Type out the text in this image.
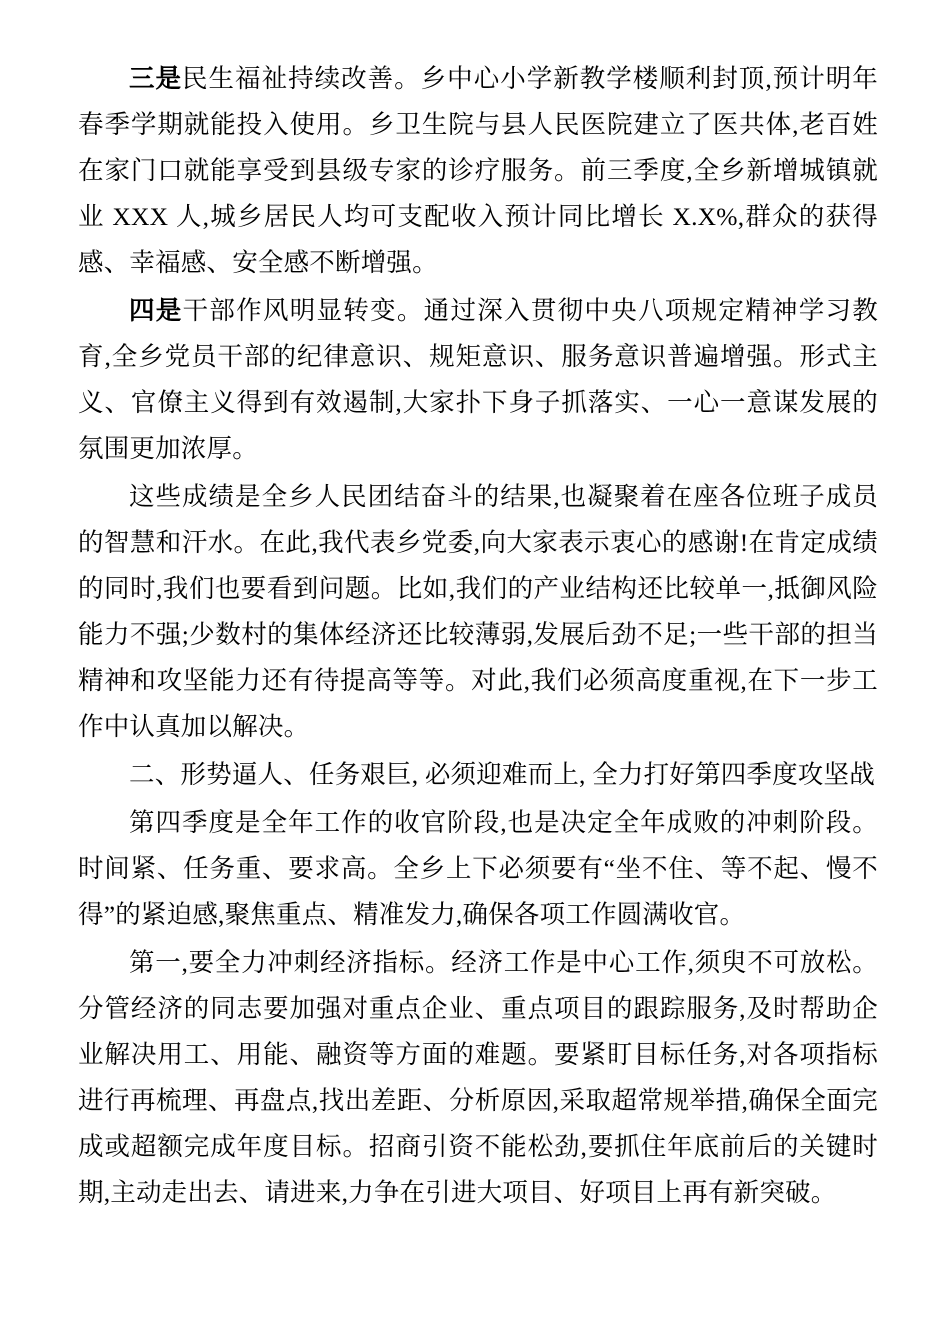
三是民生福祉持续改善。乡中心小学新教学楼顺利封顶,预计明年春季学期就能投入使用。乡卫生院与县人民医院建立了医共体,老百姓在家门口就能享受到县级专家的诊疗服务。前三季度,全乡新增城镇就业 XXX 人,城乡居民人均可支配收入预计同比增长 X.X%,群众的获得感、幸福感、安全感不断增强。

四是干部作风明显转变。通过深入贯彻中央八项规定精神学习教育,全乡党员干部的纪律意识、规矩意识、服务意识普遍增强。形式主义、官僚主义得到有效遏制,大家扑下身子抓落实、一心一意谋发展的氛围更加浓厚。

这些成绩是全乡人民团结奋斗的结果,也凝聚着在座各位班子成员的智慧和汗水。在此,我代表乡党委,向大家表示衷心的感谢!在肯定成绩的同时,我们也要看到问题。比如,我们的产业结构还比较单一,抵御风险能力不强;少数村的集体经济还比较薄弱,发展后劲不足;一些干部的担当精神和攻坚能力还有待提高等等。对此,我们必须高度重视,在下一步工作中认真加以解决。

二、形势逼人、任务艰巨, 必须迎难而上, 全力打好第四季度攻坚战

第四季度是全年工作的收官阶段,也是决定全年成败的冲刺阶段。时间紧、任务重、要求高。全乡上下必须要有“坐不住、等不起、慢不得”的紧迫感,聚焦重点、精准发力,确保各项工作圆满收官。

第一,要全力冲刺经济指标。经济工作是中心工作,须臾不可放松。分管经济的同志要加强对重点企业、重点项目的跟踪服务,及时帮助企业解决用工、用能、融资等方面的难题。要紧盯目标任务,对各项指标进行再梳理、再盘点,找出差距、分析原因,采取超常规举措,确保全面完成或超额完成年度目标。招商引资不能松劲,要抓住年底前后的关键时期,主动走出去、请进来,力争在引进大项目、好项目上再有新突破。
